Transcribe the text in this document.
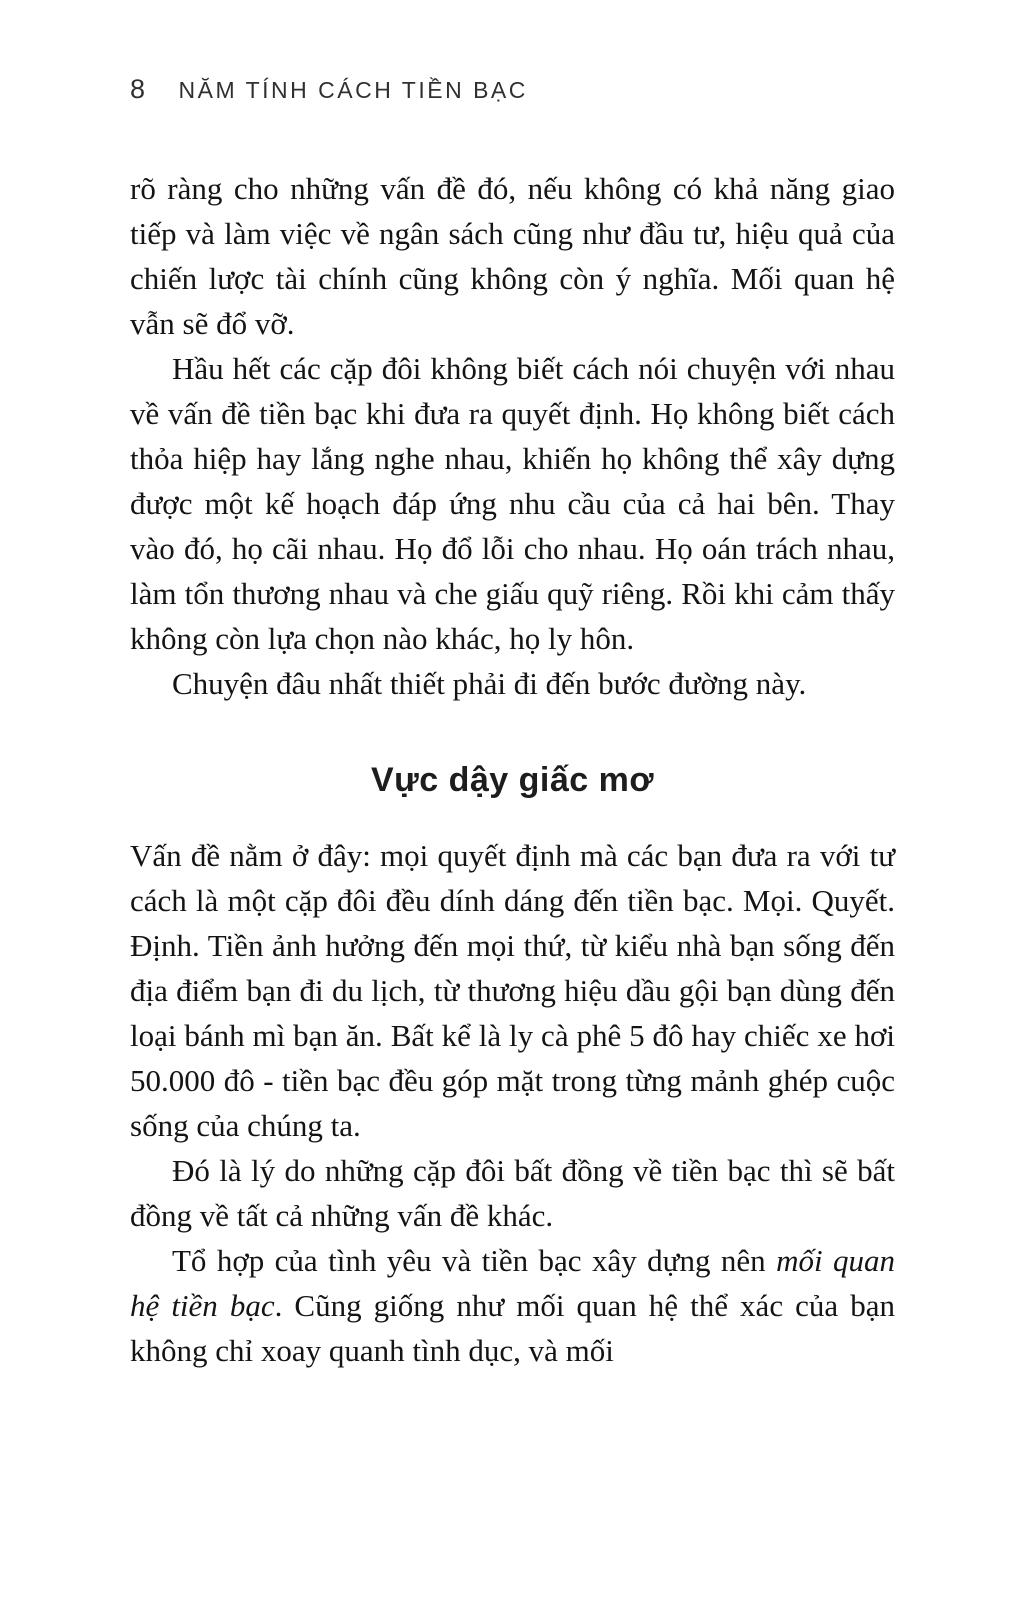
8 NĂM TÍNH CÁCH TIỀN BẠC

rõ ràng cho những vấn đề đó, nếu không có khả năng giao tiếp và làm việc về ngân sách cũng như đầu tư, hiệu quả của chiến lược tài chính cũng không còn ý nghĩa. Mối quan hệ vẫn sẽ đổ vỡ.

Hầu hết các cặp đôi không biết cách nói chuyện với nhau về vấn đề tiền bạc khi đưa ra quyết định. Họ không biết cách thỏa hiệp hay lắng nghe nhau, khiến họ không thể xây dựng được một kế hoạch đáp ứng nhu cầu của cả hai bên. Thay vào đó, họ cãi nhau. Họ đổ lỗi cho nhau. Họ oán trách nhau, làm tổn thương nhau và che giấu quỹ riêng. Rồi khi cảm thấy không còn lựa chọn nào khác, họ ly hôn.

Chuyện đâu nhất thiết phải đi đến bước đường này.

Vực dậy giấc mơ

Vấn đề nằm ở đây: mọi quyết định mà các bạn đưa ra với tư cách là một cặp đôi đều dính dáng đến tiền bạc. Mọi. Quyết. Định. Tiền ảnh hưởng đến mọi thứ, từ kiểu nhà bạn sống đến địa điểm bạn đi du lịch, từ thương hiệu dầu gội bạn dùng đến loại bánh mì bạn ăn. Bất kể là ly cà phê 5 đô hay chiếc xe hơi 50.000 đô - tiền bạc đều góp mặt trong từng mảnh ghép cuộc sống của chúng ta.

Đó là lý do những cặp đôi bất đồng về tiền bạc thì sẽ bất đồng về tất cả những vấn đề khác.

Tổ hợp của tình yêu và tiền bạc xây dựng nên mối quan hệ tiền bạc. Cũng giống như mối quan hệ thể xác của bạn không chỉ xoay quanh tình dục, và mối
